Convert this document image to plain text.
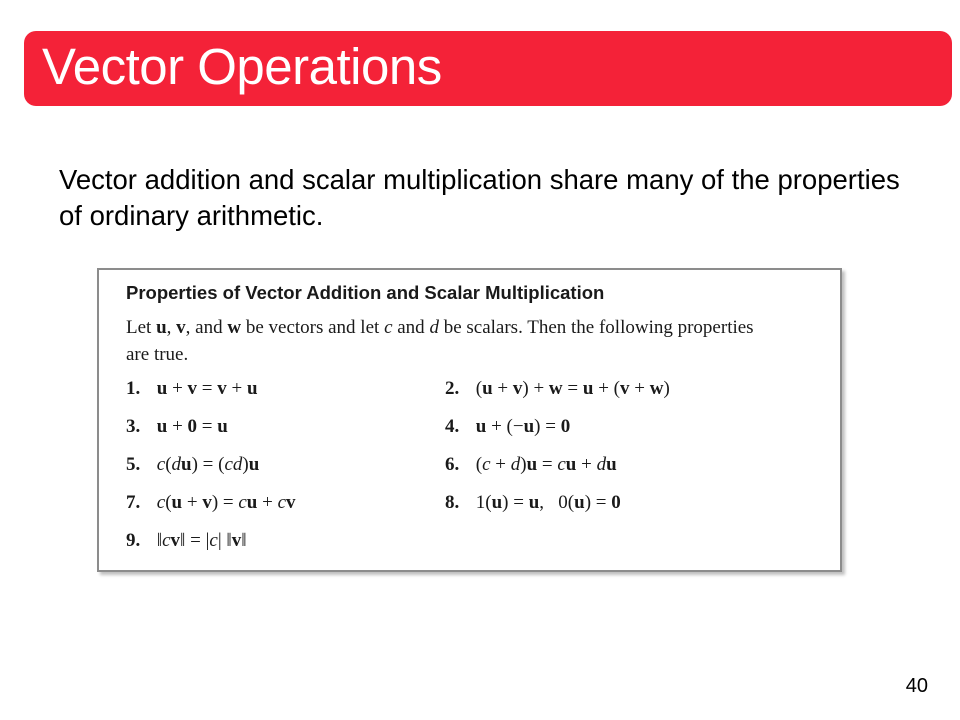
Vector Operations
Vector addition and scalar multiplication share many of the properties of ordinary arithmetic.
Properties of Vector Addition and Scalar Multiplication
Let u, v, and w be vectors and let c and d be scalars. Then the following properties are true.
1. u + v = v + u	2. (u + v) + w = u + (v + w)
3. u + 0 = u	4. u + (−u) = 0
5. c(du) = (cd)u	6. (c + d)u = cu + du
7. c(u + v) = cu + cv	8. 1(u) = u,   0(u) = 0
9. ‖cv‖ = |c| ‖v‖
40
